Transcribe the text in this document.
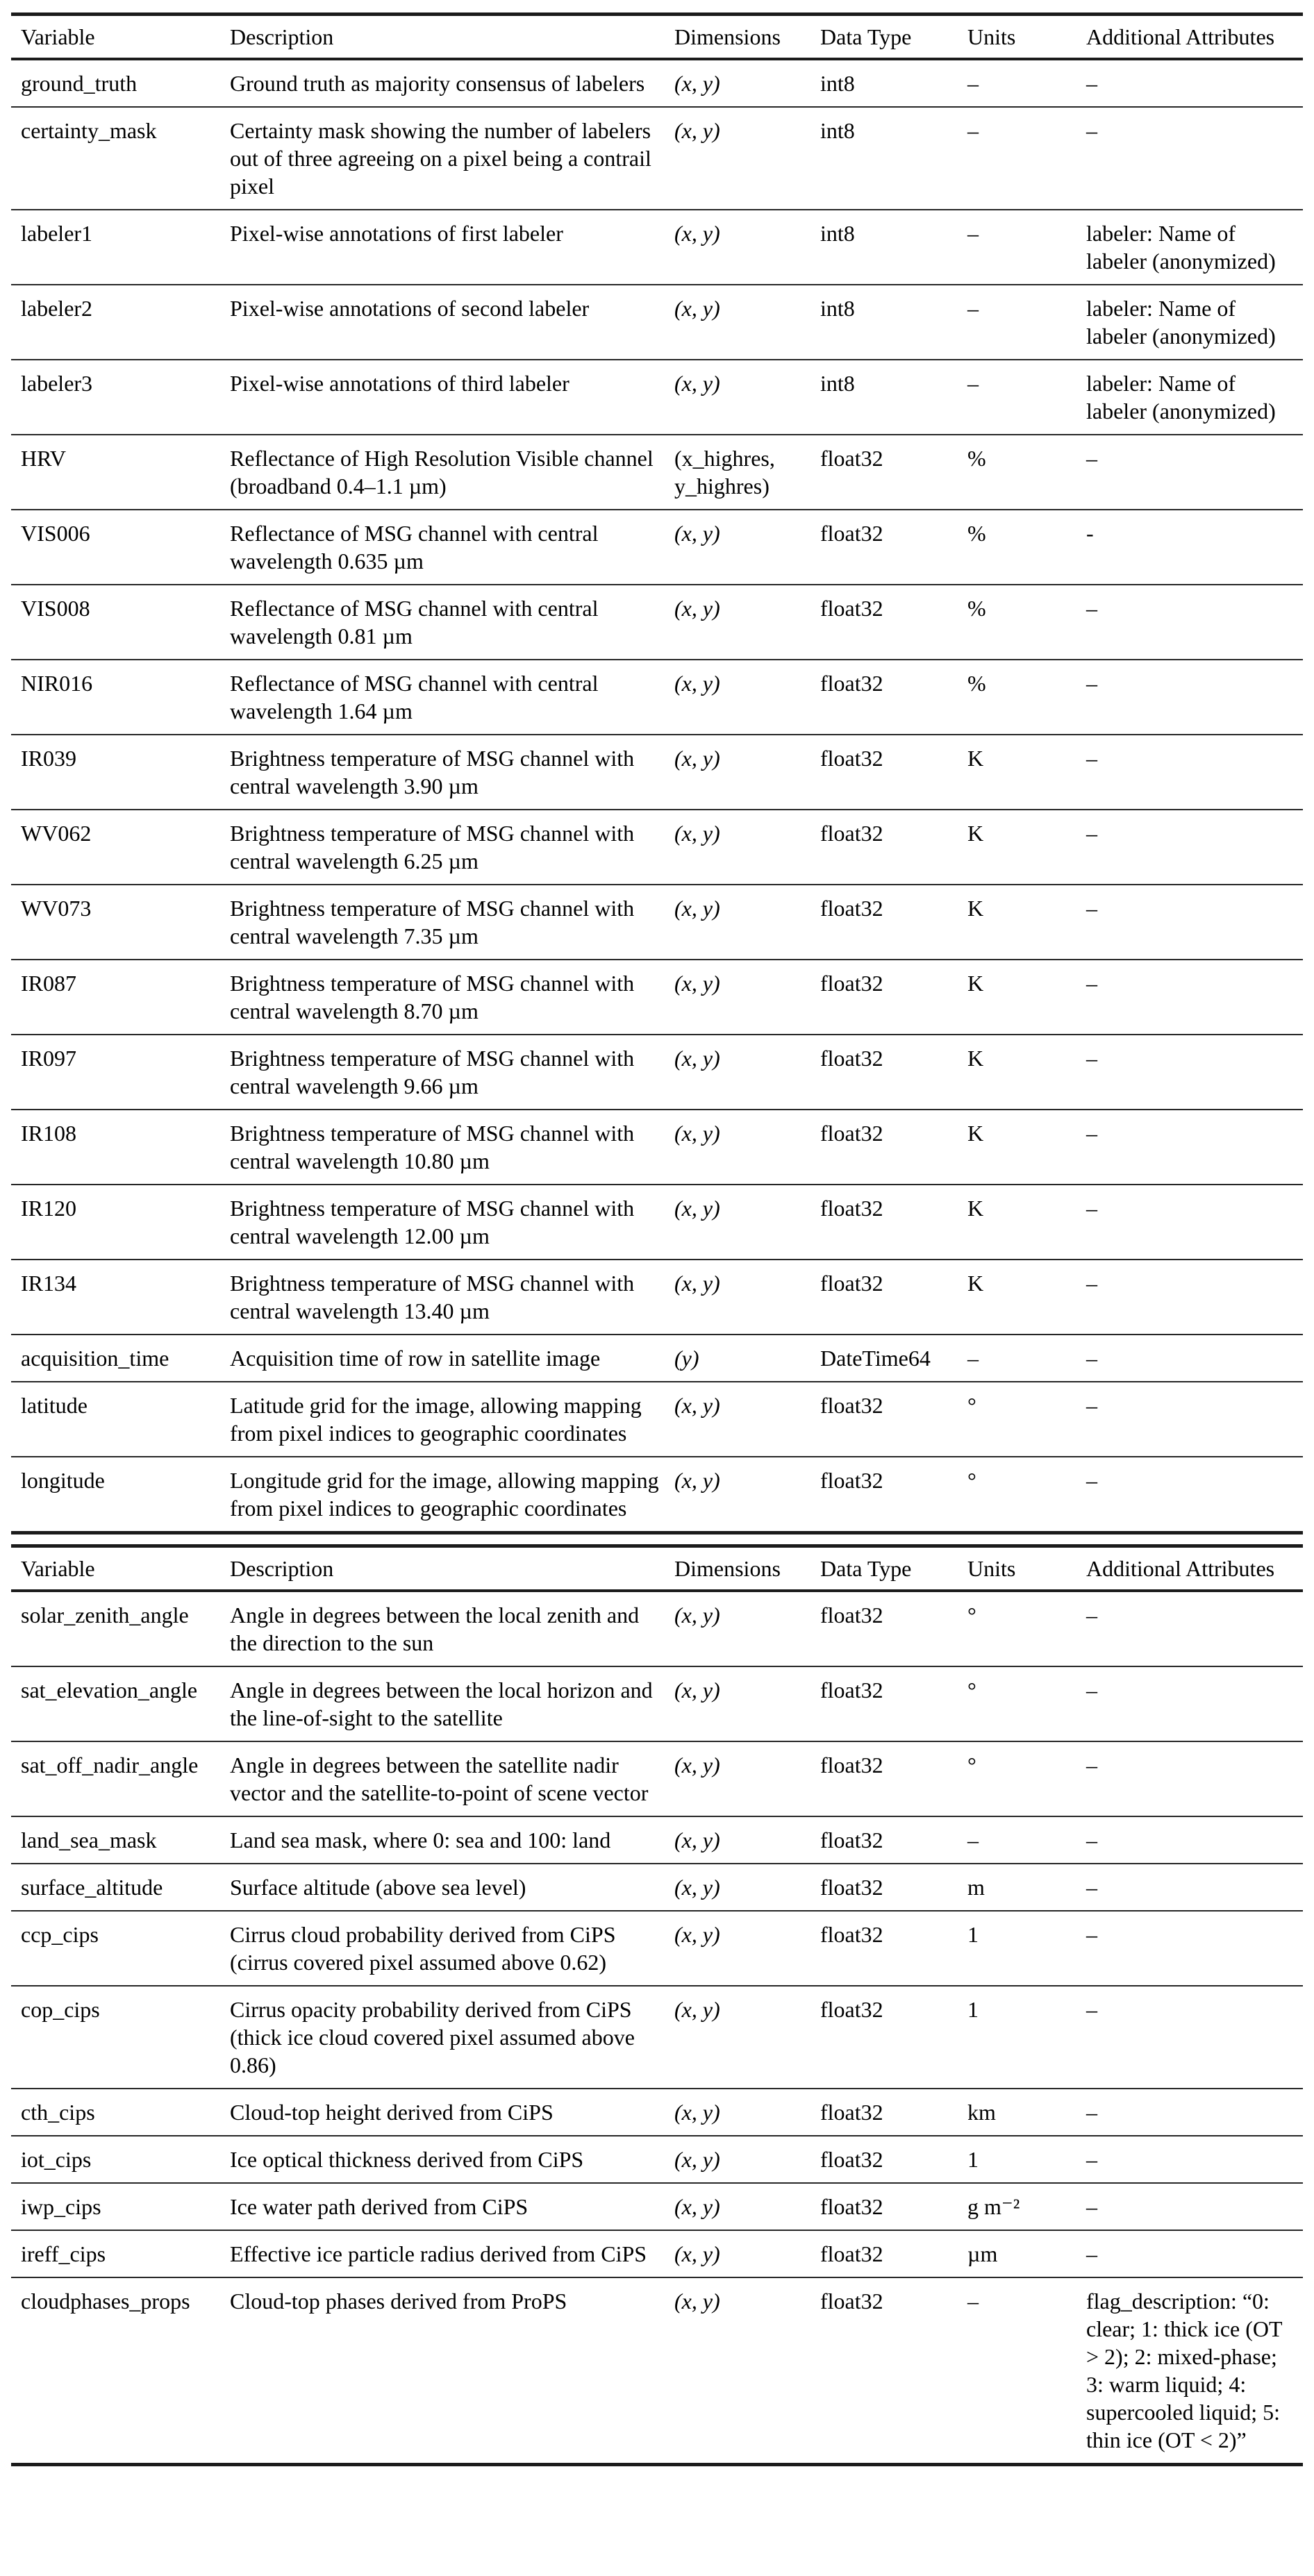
Variable	Description	Dimensions	Data Type	Units	Additional Attributes
ground_truth	Ground truth as majority consensus of labelers	(x, y)	int8	–	–
certainty_mask	Certainty mask showing the number of labelers out of three agreeing on a pixel being a contrail pixel	(x, y)	int8	–	–
labeler1	Pixel-wise annotations of first labeler	(x, y)	int8	–	labeler: Name of labeler (anonymized)
labeler2	Pixel-wise annotations of second labeler	(x, y)	int8	–	labeler: Name of labeler (anonymized)
labeler3	Pixel-wise annotations of third labeler	(x, y)	int8	–	labeler: Name of labeler (anonymized)
HRV	Reflectance of High Resolution Visible channel (broadband 0.4–1.1 µm)	(x_highres, y_highres)	float32	%	–
VIS006	Reflectance of MSG channel with central wavelength 0.635 µm	(x, y)	float32	%	-
VIS008	Reflectance of MSG channel with central wavelength 0.81 µm	(x, y)	float32	%	–
NIR016	Reflectance of MSG channel with central wavelength 1.64 µm	(x, y)	float32	%	–
IR039	Brightness temperature of MSG channel with central wavelength 3.90 µm	(x, y)	float32	K	–
WV062	Brightness temperature of MSG channel with central wavelength 6.25 µm	(x, y)	float32	K	–
WV073	Brightness temperature of MSG channel with central wavelength 7.35 µm	(x, y)	float32	K	–
IR087	Brightness temperature of MSG channel with central wavelength 8.70 µm	(x, y)	float32	K	–
IR097	Brightness temperature of MSG channel with central wavelength 9.66 µm	(x, y)	float32	K	–
IR108	Brightness temperature of MSG channel with central wavelength 10.80 µm	(x, y)	float32	K	–
IR120	Brightness temperature of MSG channel with central wavelength 12.00 µm	(x, y)	float32	K	–
IR134	Brightness temperature of MSG channel with central wavelength 13.40 µm	(x, y)	float32	K	–
acquisition_time	Acquisition time of row in satellite image	(y)	DateTime64	–	–
latitude	Latitude grid for the image, allowing mapping from pixel indices to geographic coordinates	(x, y)	float32	°	–
longitude	Longitude grid for the image, allowing mapping from pixel indices to geographic coordinates	(x, y)	float32	°	–
Variable	Description	Dimensions	Data Type	Units	Additional Attributes
solar_zenith_angle	Angle in degrees between the local zenith and the direction to the sun	(x, y)	float32	°	–
sat_elevation_angle	Angle in degrees between the local horizon and the line-of-sight to the satellite	(x, y)	float32	°	–
sat_off_nadir_angle	Angle in degrees between the satellite nadir vector and the satellite-to-point of scene vector	(x, y)	float32	°	–
land_sea_mask	Land sea mask, where 0: sea and 100: land	(x, y)	float32	–	–
surface_altitude	Surface altitude (above sea level)	(x, y)	float32	m	–
ccp_cips	Cirrus cloud probability derived from CiPS (cirrus covered pixel assumed above 0.62)	(x, y)	float32	1	–
cop_cips	Cirrus opacity probability derived from CiPS (thick ice cloud covered pixel assumed above 0.86)	(x, y)	float32	1	–
cth_cips	Cloud-top height derived from CiPS	(x, y)	float32	km	–
iot_cips	Ice optical thickness derived from CiPS	(x, y)	float32	1	–
iwp_cips	Ice water path derived from CiPS	(x, y)	float32	g m⁻²	–
ireff_cips	Effective ice particle radius derived from CiPS	(x, y)	float32	µm	–
cloudphases_props	Cloud-top phases derived from ProPS	(x, y)	float32	–	flag_description: “0: clear; 1: thick ice (OT > 2); 2: mixed-phase; 3: warm liquid; 4: supercooled liquid; 5: thin ice (OT < 2)”
